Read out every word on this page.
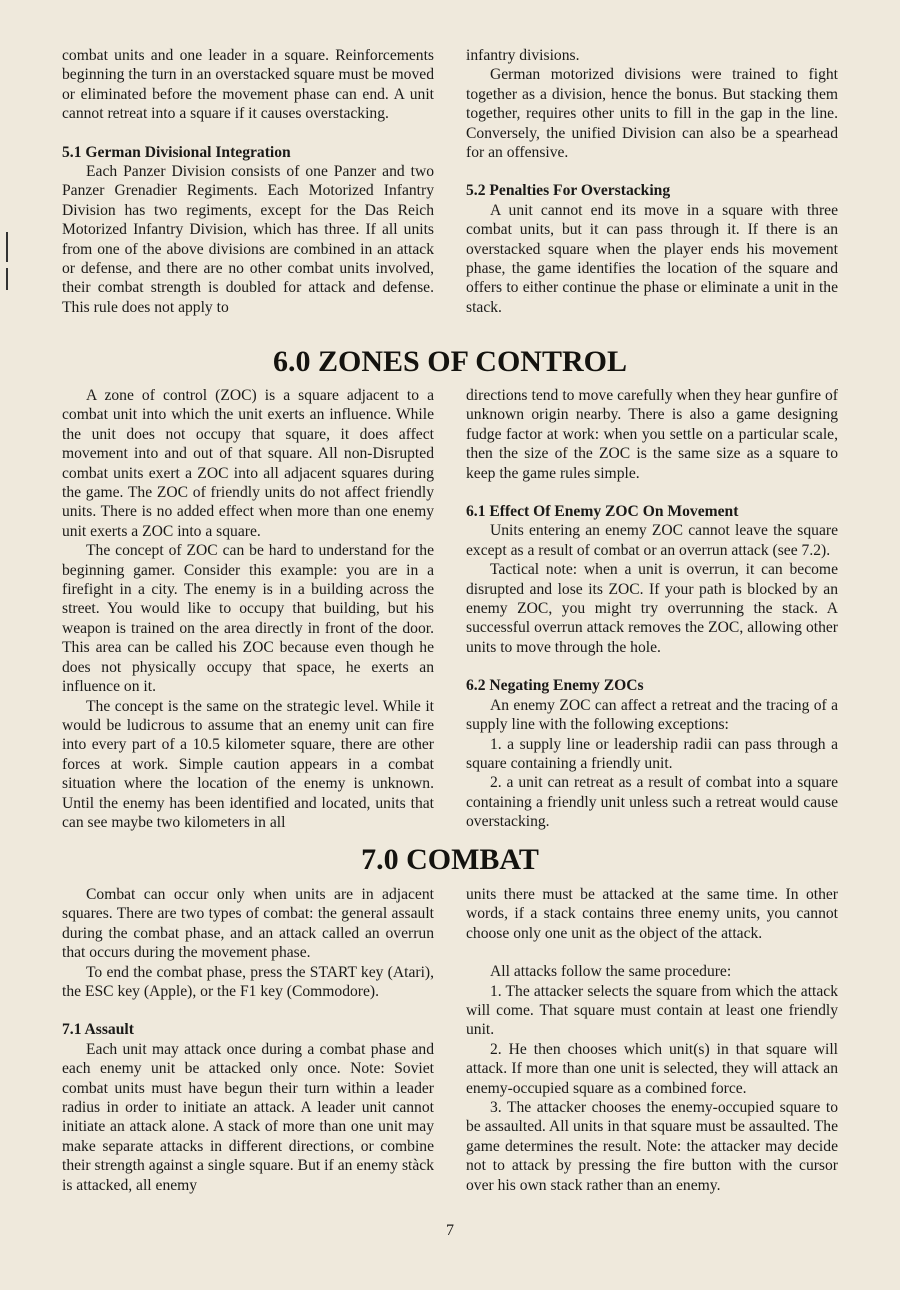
combat units and one leader in a square. Reinforcements beginning the turn in an overstacked square must be moved or eliminated before the movement phase can end. A unit cannot retreat into a square if it causes overstacking.

5.1 German Divisional Integration

Each Panzer Division consists of one Panzer and two Panzer Grenadier Regiments. Each Motorized Infantry Division has two regiments, except for the Das Reich Motorized Infantry Division, which has three. If all units from one of the above divisions are combined in an attack or defense, and there are no other combat units involved, their combat strength is doubled for attack and defense. This rule does not apply to

infantry divisions.

German motorized divisions were trained to fight together as a division, hence the bonus. But stacking them together, requires other units to fill in the gap in the line. Conversely, the unified Division can also be a spearhead for an offensive.

5.2 Penalties For Overstacking

A unit cannot end its move in a square with three combat units, but it can pass through it. If there is an overstacked square when the player ends his movement phase, the game identifies the location of the square and offers to either continue the phase or eliminate a unit in the stack.

6.0 ZONES OF CONTROL

A zone of control (ZOC) is a square adjacent to a combat unit into which the unit exerts an influence. While the unit does not occupy that square, it does affect movement into and out of that square. All non-Disrupted combat units exert a ZOC into all adjacent squares during the game. The ZOC of friendly units do not affect friendly units. There is no added effect when more than one enemy unit exerts a ZOC into a square.

The concept of ZOC can be hard to understand for the beginning gamer. Consider this example: you are in a firefight in a city. The enemy is in a building across the street. You would like to occupy that building, but his weapon is trained on the area directly in front of the door. This area can be called his ZOC because even though he does not physically occupy that space, he exerts an influence on it.

The concept is the same on the strategic level. While it would be ludicrous to assume that an enemy unit can fire into every part of a 10.5 kilometer square, there are other forces at work. Simple caution appears in a combat situation where the location of the enemy is unknown. Until the enemy has been identified and located, units that can see maybe two kilometers in all

directions tend to move carefully when they hear gunfire of unknown origin nearby. There is also a game designing fudge factor at work: when you settle on a particular scale, then the size of the ZOC is the same size as a square to keep the game rules simple.

6.1 Effect Of Enemy ZOC On Movement

Units entering an enemy ZOC cannot leave the square except as a result of combat or an overrun attack (see 7.2).

Tactical note: when a unit is overrun, it can become disrupted and lose its ZOC. If your path is blocked by an enemy ZOC, you might try overrunning the stack. A successful overrun attack removes the ZOC, allowing other units to move through the hole.

6.2 Negating Enemy ZOCs

An enemy ZOC can affect a retreat and the tracing of a supply line with the following exceptions:

1. a supply line or leadership radii can pass through a square containing a friendly unit.

2. a unit can retreat as a result of combat into a square containing a friendly unit unless such a retreat would cause overstacking.

7.0 COMBAT

Combat can occur only when units are in adjacent squares. There are two types of combat: the general assault during the combat phase, and an attack called an overrun that occurs during the movement phase.

To end the combat phase, press the START key (Atari), the ESC key (Apple), or the F1 key (Commodore).

7.1 Assault

Each unit may attack once during a combat phase and each enemy unit be attacked only once. Note: Soviet combat units must have begun their turn within a leader radius in order to initiate an attack. A leader unit cannot initiate an attack alone. A stack of more than one unit may make separate attacks in different directions, or combine their strength against a single square. But if an enemy stàck is attacked, all enemy

units there must be attacked at the same time. In other words, if a stack contains three enemy units, you cannot choose only one unit as the object of the attack.

All attacks follow the same procedure:

1. The attacker selects the square from which the attack will come. That square must contain at least one friendly unit.

2. He then chooses which unit(s) in that square will attack. If more than one unit is selected, they will attack an enemy-occupied square as a combined force.

3. The attacker chooses the enemy-occupied square to be assaulted. All units in that square must be assaulted. The game determines the result. Note: the attacker may decide not to attack by pressing the fire button with the cursor over his own stack rather than an enemy.

7
